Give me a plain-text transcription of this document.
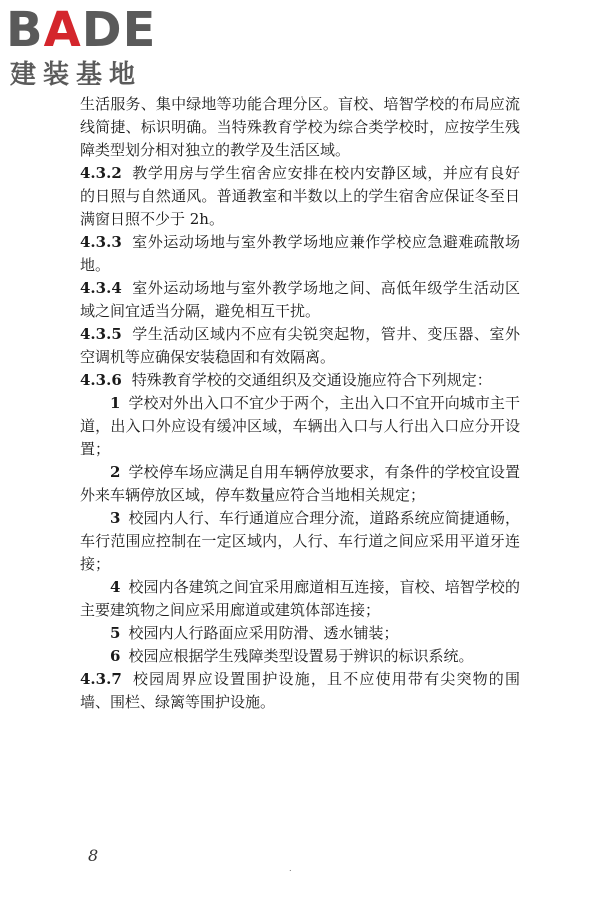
BADE
建装基地

生活服务、集中绿地等功能合理分区。盲校、培智学校的布局应流线简捷、标识明确。当特殊教育学校为综合类学校时，应按学生残障类型划分相对独立的教学及生活区域。

4.3.2 教学用房与学生宿舍应安排在校内安静区域，并应有良好的日照与自然通风。普通教室和半数以上的学生宿舍应保证冬至日满窗日照不少于 2h。

4.3.3 室外运动场地与室外教学场地应兼作学校应急避难疏散场地。

4.3.4 室外运动场地与室外教学场地之间、高低年级学生活动区域之间宜适当分隔，避免相互干扰。

4.3.5 学生活动区域内不应有尖锐突起物，管井、变压器、室外空调机等应确保安装稳固和有效隔离。

4.3.6 特殊教育学校的交通组织及交通设施应符合下列规定：

1 学校对外出入口不宜少于两个，主出入口不宜开向城市主干道，出入口外应设有缓冲区域，车辆出入口与人行出入口应分开设置；

2 学校停车场应满足自用车辆停放要求，有条件的学校宜设置外来车辆停放区域，停车数量应符合当地相关规定；

3 校园内人行、车行通道应合理分流，道路系统应简捷通畅，车行范围应控制在一定区域内，人行、车行道之间应采用平道牙连接；

4 校园内各建筑之间宜采用廊道相互连接，盲校、培智学校的主要建筑物之间应采用廊道或建筑体部连接；

5 校园内人行路面应采用防滑、透水铺装；

6 校园应根据学生残障类型设置易于辨识的标识系统。

4.3.7 校园周界应设置围护设施，且不应使用带有尖突物的围墙、围栏、绿篱等围护设施。

8
.
